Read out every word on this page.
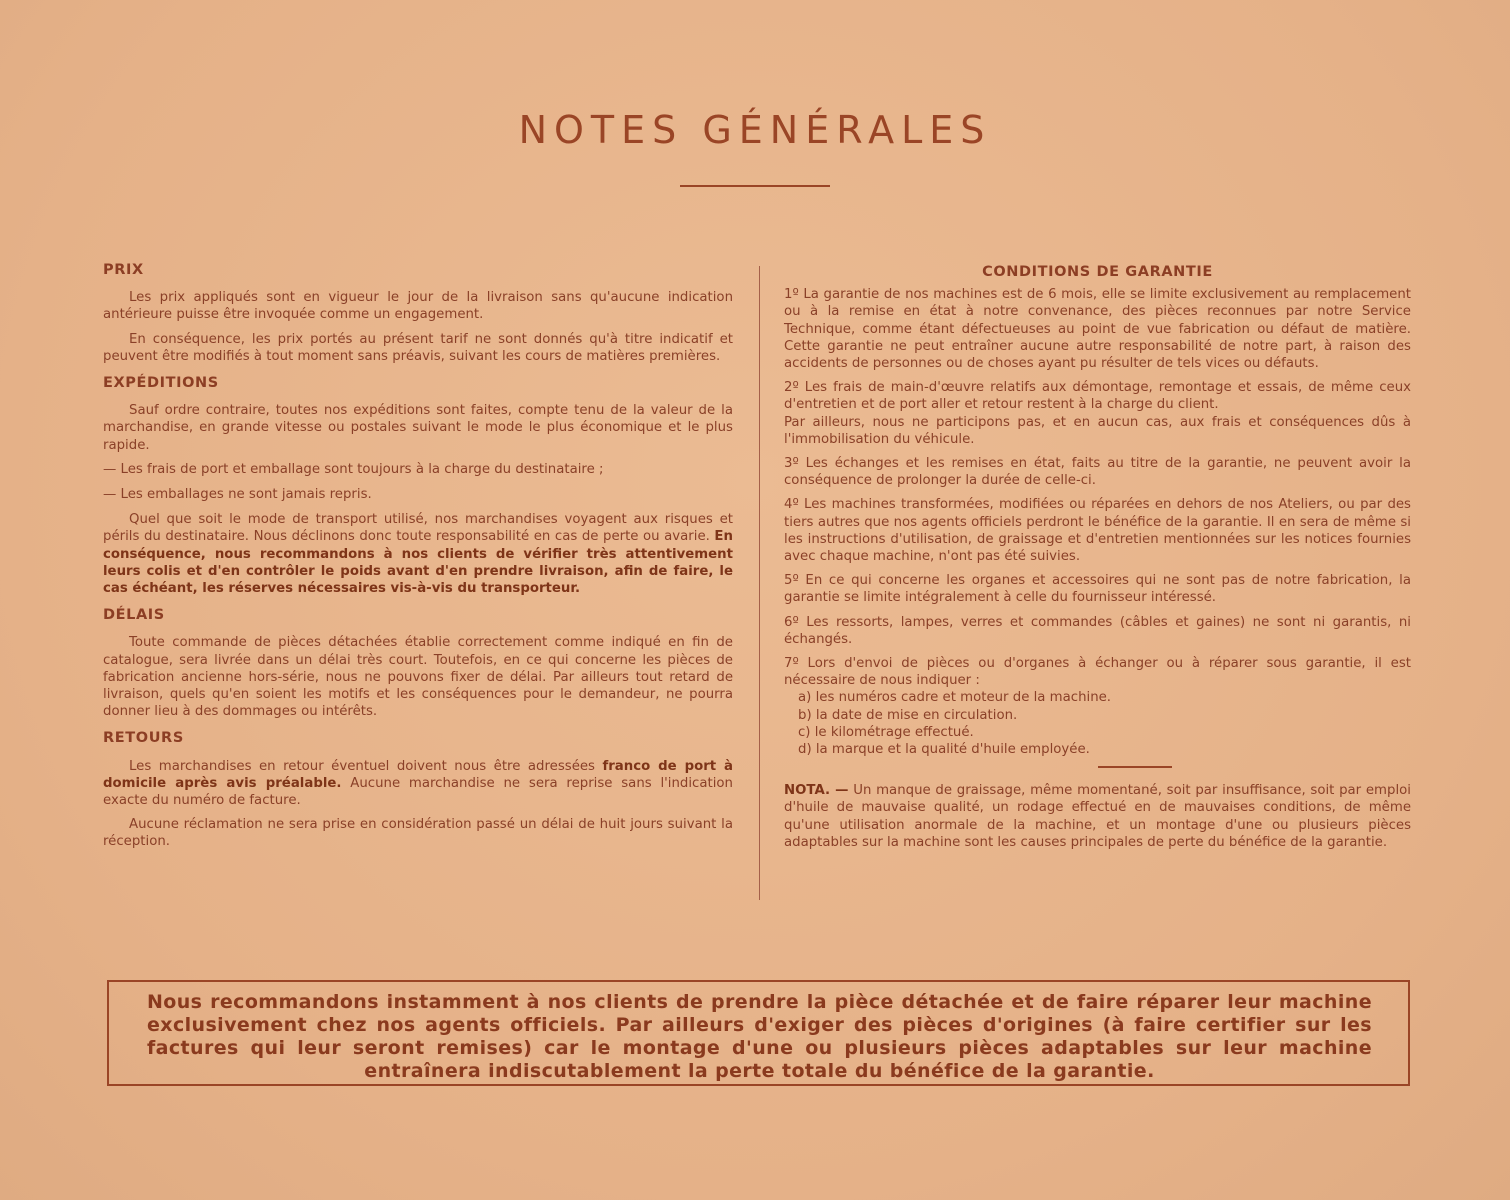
NOTES GÉNÉRALES
PRIX

Les prix appliqués sont en vigueur le jour de la livraison sans qu'aucune indication antérieure puisse être invoquée comme un engagement.

En conséquence, les prix portés au présent tarif ne sont donnés qu'à titre indicatif et peuvent être modifiés à tout moment sans préavis, suivant les cours de matières premières.

EXPÉDITIONS

Sauf ordre contraire, toutes nos expéditions sont faites, compte tenu de la valeur de la marchandise, en grande vitesse ou postales suivant le mode le plus économique et le plus rapide.

— Les frais de port et emballage sont toujours à la charge du destinataire ;

— Les emballages ne sont jamais repris.

Quel que soit le mode de transport utilisé, nos marchandises voyagent aux risques et périls du destinataire. Nous déclinons donc toute responsabilité en cas de perte ou avarie. En conséquence, nous recommandons à nos clients de vérifier très attentivement leurs colis et d'en contrôler le poids avant d'en prendre livraison, afin de faire, le cas échéant, les réserves nécessaires vis-à-vis du transporteur.

DÉLAIS

Toute commande de pièces détachées établie correctement comme indiqué en fin de catalogue, sera livrée dans un délai très court. Toutefois, en ce qui concerne les pièces de fabrication ancienne hors-série, nous ne pouvons fixer de délai. Par ailleurs tout retard de livraison, quels qu'en soient les motifs et les conséquences pour le demandeur, ne pourra donner lieu à des dommages ou intérêts.

RETOURS

Les marchandises en retour éventuel doivent nous être adressées franco de port à domicile après avis préalable. Aucune marchandise ne sera reprise sans l'indication exacte du numéro de facture.

Aucune réclamation ne sera prise en considération passé un délai de huit jours suivant la réception.

CONDITIONS DE GARANTIE

1º La garantie de nos machines est de 6 mois, elle se limite exclusivement au remplacement ou à la remise en état à notre convenance, des pièces reconnues par notre Service Technique, comme étant défectueuses au point de vue fabrication ou défaut de matière. Cette garantie ne peut entraîner aucune autre responsabilité de notre part, à raison des accidents de personnes ou de choses ayant pu résulter de tels vices ou défauts.

2º Les frais de main-d'œuvre relatifs aux démontage, remontage et essais, de même ceux d'entretien et de port aller et retour restent à la charge du client.

Par ailleurs, nous ne participons pas, et en aucun cas, aux frais et conséquences dûs à l'immobilisation du véhicule.

3º Les échanges et les remises en état, faits au titre de la garantie, ne peuvent avoir la conséquence de prolonger la durée de celle-ci.

4º Les machines transformées, modifiées ou réparées en dehors de nos Ateliers, ou par des tiers autres que nos agents officiels perdront le bénéfice de la garantie. Il en sera de même si les instructions d'utilisation, de graissage et d'entretien mentionnées sur les notices fournies avec chaque machine, n'ont pas été suivies.

5º En ce qui concerne les organes et accessoires qui ne sont pas de notre fabrication, la garantie se limite intégralement à celle du fournisseur intéressé.

6º Les ressorts, lampes, verres et commandes (câbles et gaines) ne sont ni garantis, ni échangés.

7º Lors d'envoi de pièces ou d'organes à échanger ou à réparer sous garantie, il est nécessaire de nous indiquer :

a) les numéros cadre et moteur de la machine.
b) la date de mise en circulation.
c) le kilométrage effectué.
d) la marque et la qualité d'huile employée.

NOTA. — Un manque de graissage, même momentané, soit par insuffisance, soit par emploi d'huile de mauvaise qualité, un rodage effectué en de mauvaises conditions, de même qu'une utilisation anormale de la machine, et un montage d'une ou plusieurs pièces adaptables sur la machine sont les causes principales de perte du bénéfice de la garantie.

Nous recommandons instamment à nos clients de prendre la pièce détachée et de faire réparer leur machine exclusivement chez nos agents officiels. Par ailleurs d'exiger des pièces d'origines (à faire certifier sur les factures qui leur seront remises) car le montage d'une ou plusieurs pièces adaptables sur leur machine entraînera indiscutablement la perte totale du bénéfice de la garantie.
